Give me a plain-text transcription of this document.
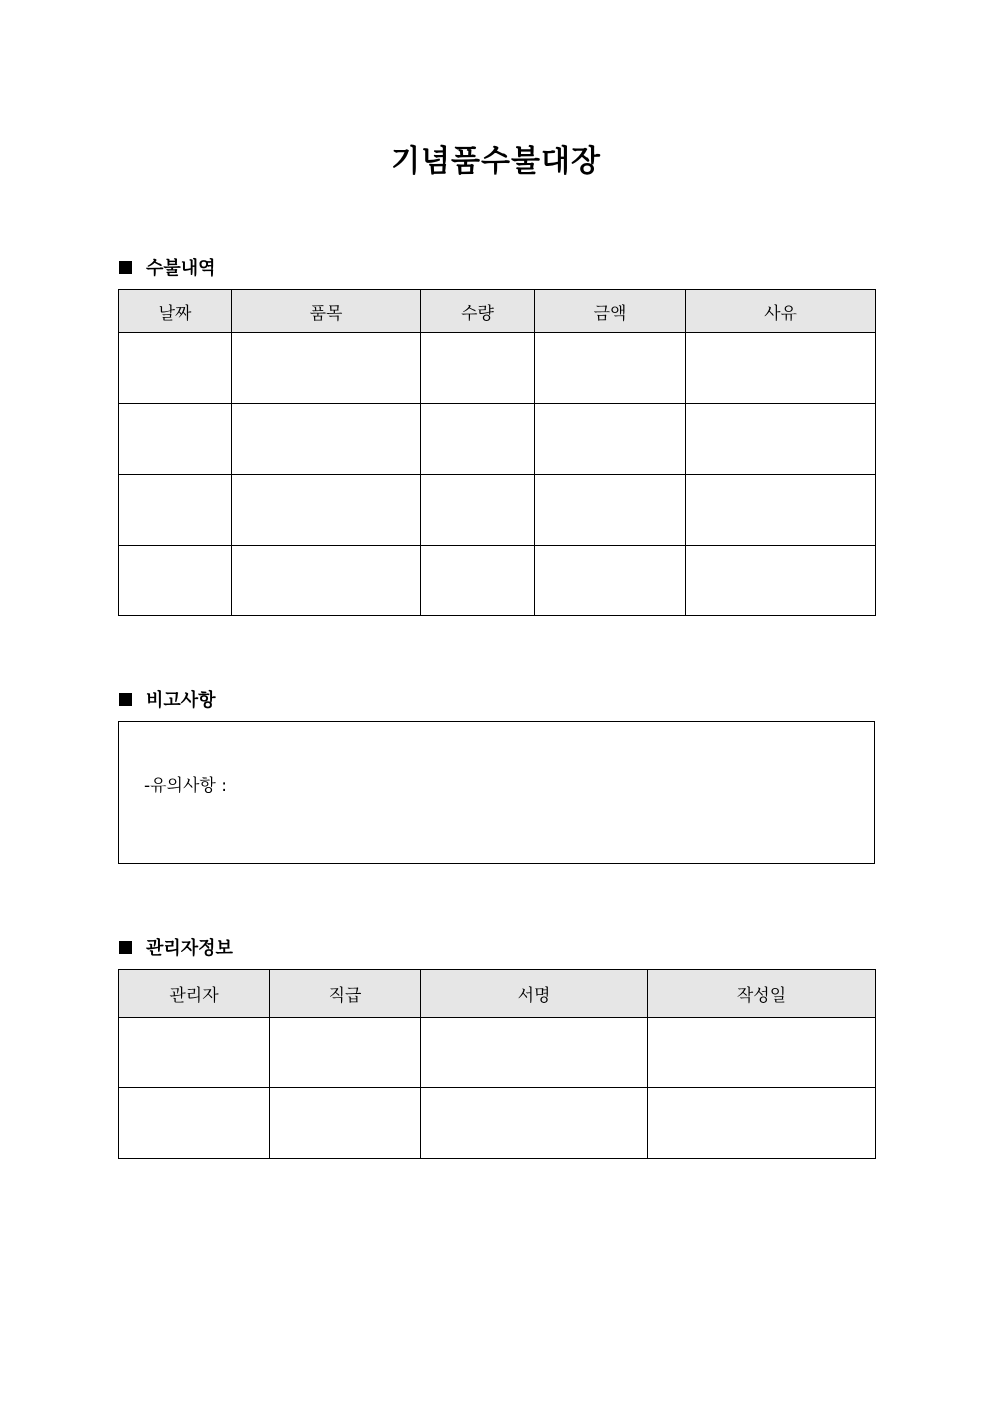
기념품수불대장
수불내역
날짜	품목	수량	금액	사유

비고사항
-유의사항 :
관리자정보
관리자	직급	서명	작성일
